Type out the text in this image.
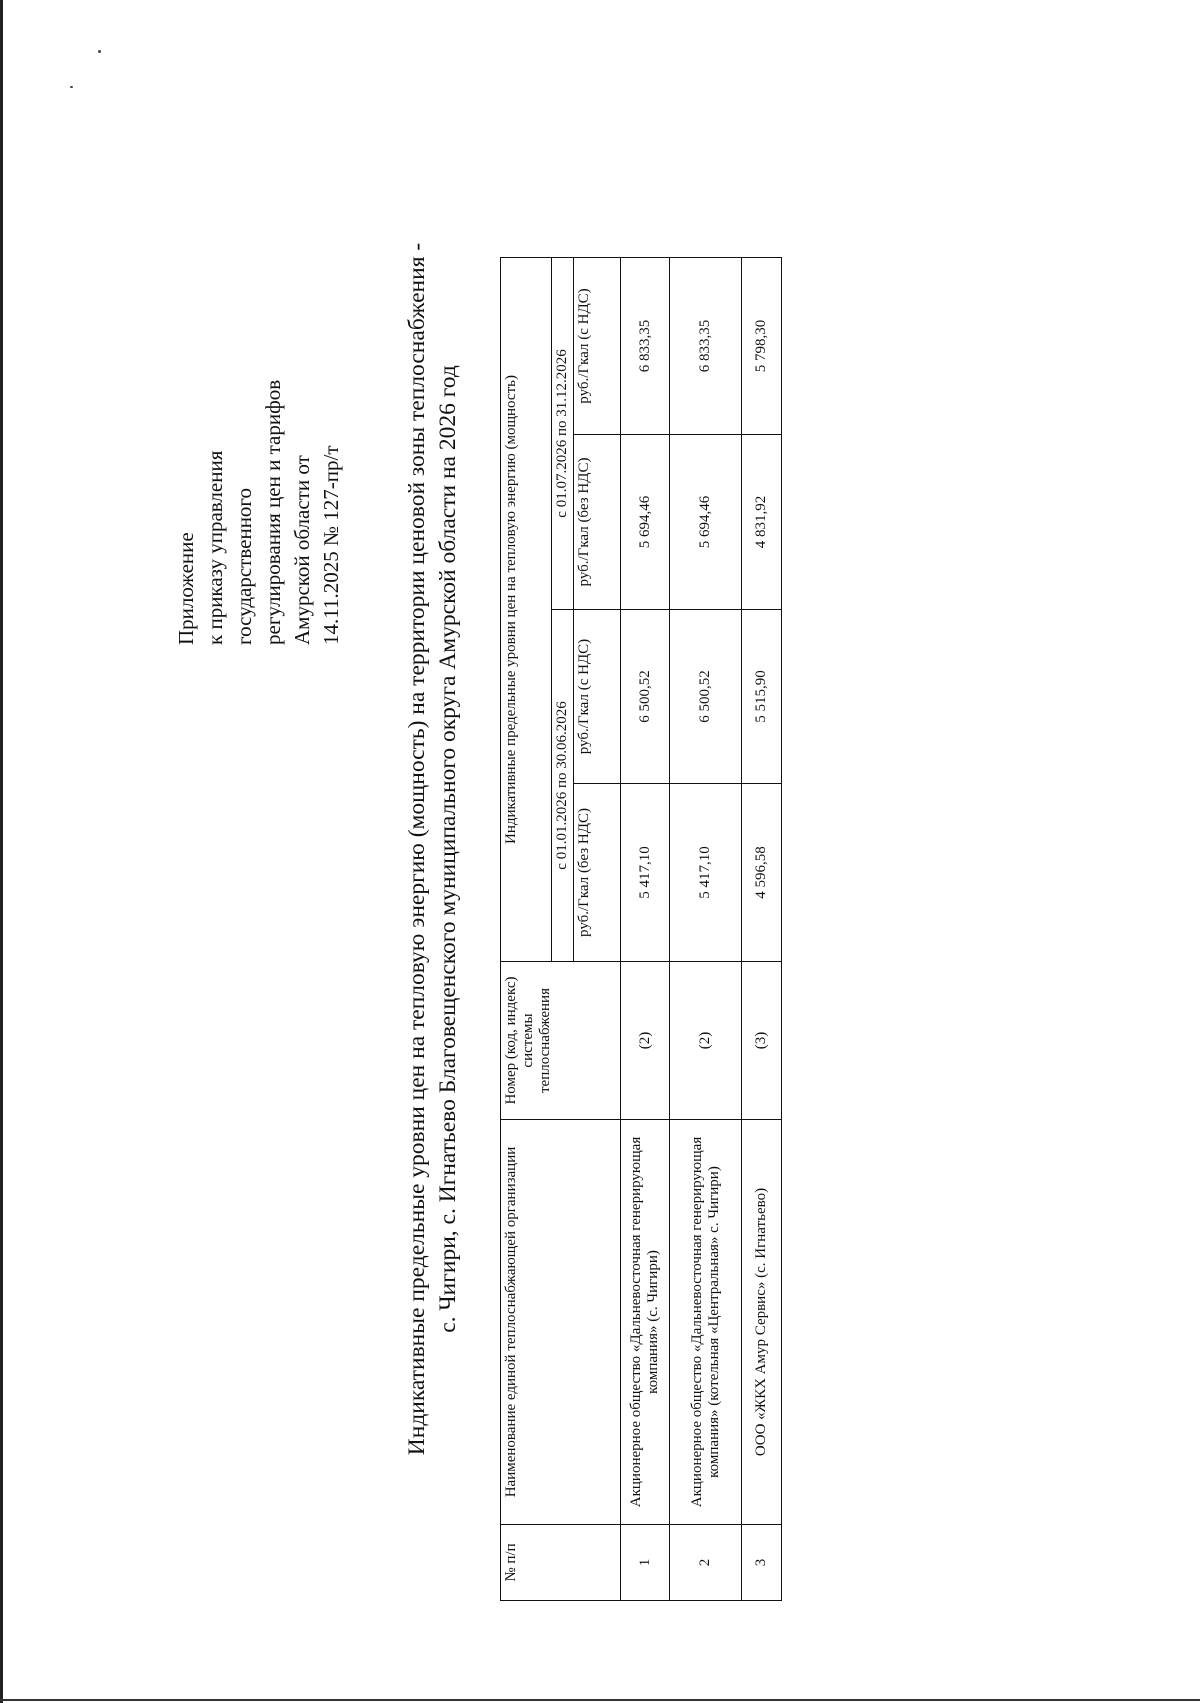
Приложение к приказу управления государственного регулирования цен и тарифов Амурской области от 14.11.2025 № 127-пр/т	Индикативные предельные уровни цен на тепловую энергию (мощность) на территории ценовой зоны теплоснабжения - с. Чигири, с. Игнатьево Благовещенского муниципального округа Амурской области на 2026 год
№ п/п	Наименование единой теплоснабжающей организации	Номер (код, индекс) системы теплоснабжения	Индикативные предельные уровни цен на тепловую энергию (мощность)			
			с 01.01.2026 по 30.06.2026		с 01.07.2026 по 31.12.2026	
			руб./Гкал (без НДС)	руб./Гкал (с НДС)	руб./Гкал (без НДС)	руб./Гкал (с НДС)
1	Акционерное общество «Дальневосточная генерирующая компания» (с. Чигири)	(2)	5 417,10	6 500,52	5 694,46	6 833,35
2	Акционерное общество «Дальневосточная генерирующая компания» (котельная «Центральная» с. Чигири)	(2)	5 417,10	6 500,52	5 694,46	6 833,35
3	ООО «ЖКХ Амур Сервис» (с. Игнатьево)	(3)	4 596,58	5 515,90	4 831,92	5 798,30
